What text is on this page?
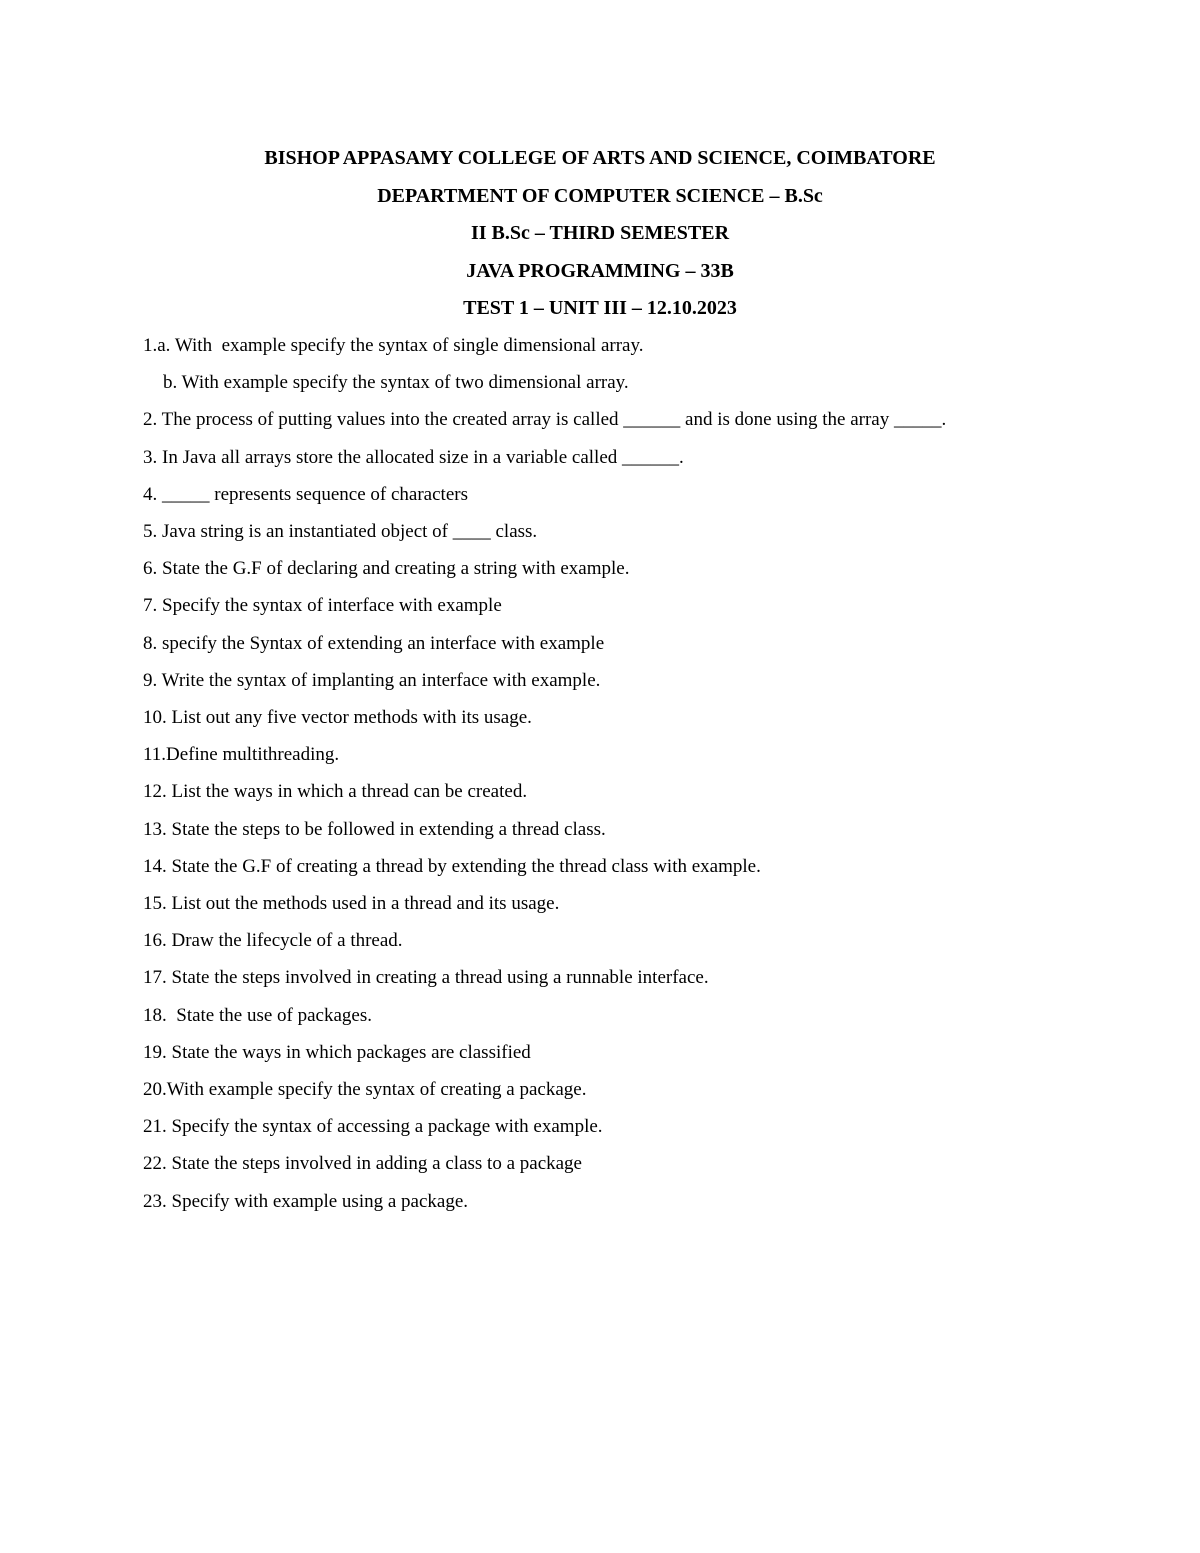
BISHOP APPASAMY COLLEGE OF ARTS AND SCIENCE, COIMBATORE
DEPARTMENT OF COMPUTER SCIENCE – B.Sc
II B.Sc – THIRD SEMESTER
JAVA PROGRAMMING – 33B
TEST 1 – UNIT III – 12.10.2023
1.a. With  example specify the syntax of single dimensional array.
b. With example specify the syntax of two dimensional array.
2. The process of putting values into the created array is called ______ and is done using the array _____.
3. In Java all arrays store the allocated size in a variable called ______.
4. _____ represents sequence of characters
5. Java string is an instantiated object of ____ class.
6. State the G.F of declaring and creating a string with example.
7. Specify the syntax of interface with example
8. specify the Syntax of extending an interface with example
9. Write the syntax of implanting an interface with example.
10. List out any five vector methods with its usage.
11.Define multithreading.
12. List the ways in which a thread can be created.
13. State the steps to be followed in extending a thread class.
14. State the G.F of creating a thread by extending the thread class with example.
15. List out the methods used in a thread and its usage.
16. Draw the lifecycle of a thread.
17. State the steps involved in creating a thread using a runnable interface.
18.  State the use of packages.
19. State the ways in which packages are classified
20.With example specify the syntax of creating a package.
21. Specify the syntax of accessing a package with example.
22. State the steps involved in adding a class to a package
23. Specify with example using a package.
